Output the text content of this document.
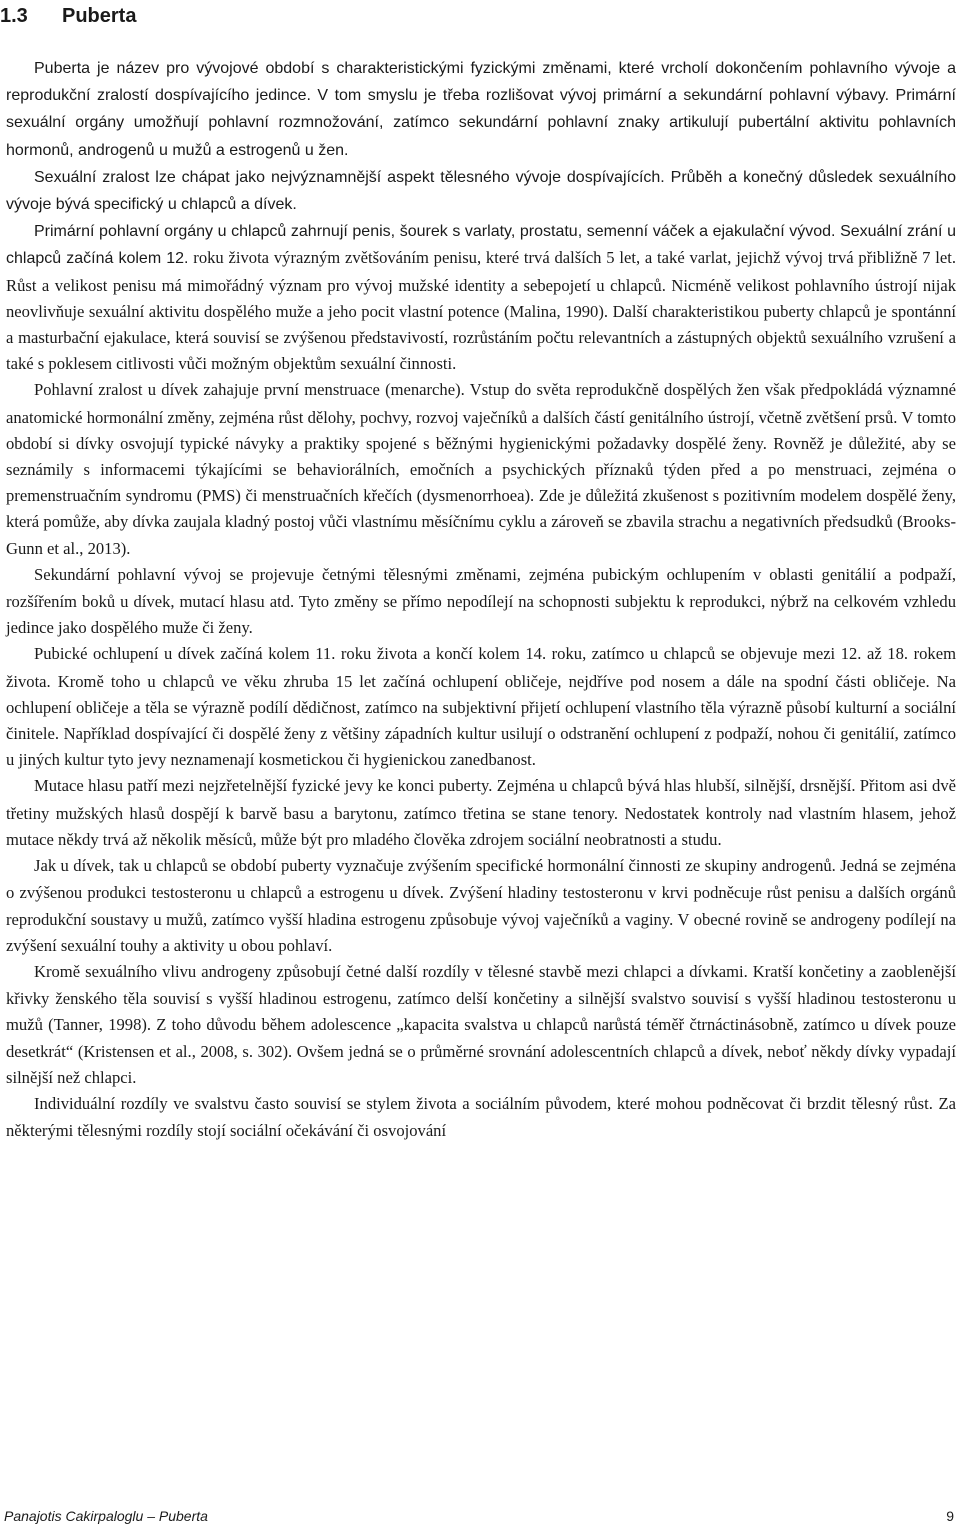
1.3 Puberta

Puberta je název pro vývojové období s charakteristickými fyzickými změnami, které vrcholí dokončením pohlavního vývoje a reprodukční zralostí dospívajícího jedince. V tom smyslu je třeba rozlišovat vývoj primární a sekundární pohlavní výbavy. Primární sexuální orgány umožňují pohlavní rozmnožování, zatímco sekundární pohlavní znaky artikulují pubertální aktivitu pohlavních hormonů, androgenů u mužů a estrogenů u žen.

Sexuální zralost lze chápat jako nejvýznamnější aspekt tělesného vývoje dospívajících. Průběh a konečný důsledek sexuálního vývoje bývá specifický u chlapců a dívek.

Primární pohlavní orgány u chlapců zahrnují penis, šourek s varlaty, prostatu, semenní váček a ejakulační vývod. Sexuální zrání u chlapců začíná kolem 12. roku života výrazným zvětšováním penisu, které trvá dalších 5 let, a také varlat, jejichž vývoj trvá přibližně 7 let. Růst a velikost penisu má mimořádný význam pro vývoj mužské identity a sebepojetí u chlapců. Nicméně velikost pohlavního ústrojí nijak neovlivňuje sexuální aktivitu dospělého muže a jeho pocit vlastní potence (Malina, 1990). Další charakteristikou puberty chlapců je spontánní a masturbační ejakulace, která souvisí se zvýšenou představivostí, rozrůstáním počtu relevantních a zástupných objektů sexuálního vzrušení a také s poklesem citlivosti vůči možným objektům sexuální činnosti.

Pohlavní zralost u dívek zahajuje první menstruace (menarche). Vstup do světa reprodukčně dospělých žen však předpokládá významné anatomické hormonální změny, zejména růst dělohy, pochvy, rozvoj vaječníků a dalších částí genitálního ústrojí, včetně zvětšení prsů. V tomto období si dívky osvojují typické návyky a praktiky spojené s běžnými hygienickými požadavky dospělé ženy. Rovněž je důležité, aby se seznámily s informacemi týkajícími se behaviorálních, emočních a psychických příznaků týden před a po menstruaci, zejména o premenstruačním syndromu (PMS) či menstruačních křečích (dysmenorrhoea). Zde je důležitá zkušenost s pozitivním modelem dospělé ženy, která pomůže, aby dívka zaujala kladný postoj vůči vlastnímu měsíčnímu cyklu a zároveň se zbavila strachu a negativních předsudků (Brooks-Gunn et al., 2013).

Sekundární pohlavní vývoj se projevuje četnými tělesnými změnami, zejména pubickým ochlupením v oblasti genitálií a podpaží, rozšířením boků u dívek, mutací hlasu atd. Tyto změny se přímo nepodílejí na schopnosti subjektu k reprodukci, nýbrž na celkovém vzhledu jedince jako dospělého muže či ženy.

Pubické ochlupení u dívek začíná kolem 11. roku života a končí kolem 14. roku, zatímco u chlapců se objevuje mezi 12. až 18. rokem života. Kromě toho u chlapců ve věku zhruba 15 let začíná ochlupení obličeje, nejdříve pod nosem a dále na spodní části obličeje. Na ochlupení obličeje a těla se výrazně podílí dědičnost, zatímco na subjektivní přijetí ochlupení vlastního těla výrazně působí kulturní a sociální činitele. Například dospívající či dospělé ženy z většiny západních kultur usilují o odstranění ochlupení z podpaží, nohou či genitálií, zatímco u jiných kultur tyto jevy neznamenají kosmetickou či hygienickou zanedbanost.

Mutace hlasu patří mezi nejzřetelnější fyzické jevy ke konci puberty. Zejména u chlapců bývá hlas hlubší, silnější, drsnější. Přitom asi dvě třetiny mužských hlasů dospějí k barvě basu a barytonu, zatímco třetina se stane tenory. Nedostatek kontroly nad vlastním hlasem, jehož mutace někdy trvá až několik měsíců, může být pro mladého člověka zdrojem sociální neobratnosti a studu.

Jak u dívek, tak u chlapců se období puberty vyznačuje zvýšením specifické hormonální činnosti ze skupiny androgenů. Jedná se zejména o zvýšenou produkci testosteronu u chlapců a estrogenu u dívek. Zvýšení hladiny testosteronu v krvi podněcuje růst penisu a dalších orgánů reprodukční soustavy u mužů, zatímco vyšší hladina estrogenu způsobuje vývoj vaječníků a vaginy. V obecné rovině se androgeny podílejí na zvýšení sexuální touhy a aktivity u obou pohlaví.

Kromě sexuálního vlivu androgeny způsobují četné další rozdíly v tělesné stavbě mezi chlapci a dívkami. Kratší končetiny a zaoblenější křivky ženského těla souvisí s vyšší hladinou estrogenu, zatímco delší končetiny a silnější svalstvo souvisí s vyšší hladinou testosteronu u mužů (Tanner, 1998). Z toho důvodu během adolescence „kapacita svalstva u chlapců narůstá téměř čtrnáctinásobně, zatímco u dívek pouze desetkrát“ (Kristensen et al., 2008, s. 302). Ovšem jedná se o průměrné srovnání adolescentních chlapců a dívek, neboť někdy dívky vypadají silnější než chlapci.

Individuální rozdíly ve svalstvu často souvisí se stylem života a sociálním původem, které mohou podněcovat či brzdit tělesný růst. Za některými tělesnými rozdíly stojí sociální očekávání či osvojování

Panajotis Cakirpaloglu – Puberta	9
